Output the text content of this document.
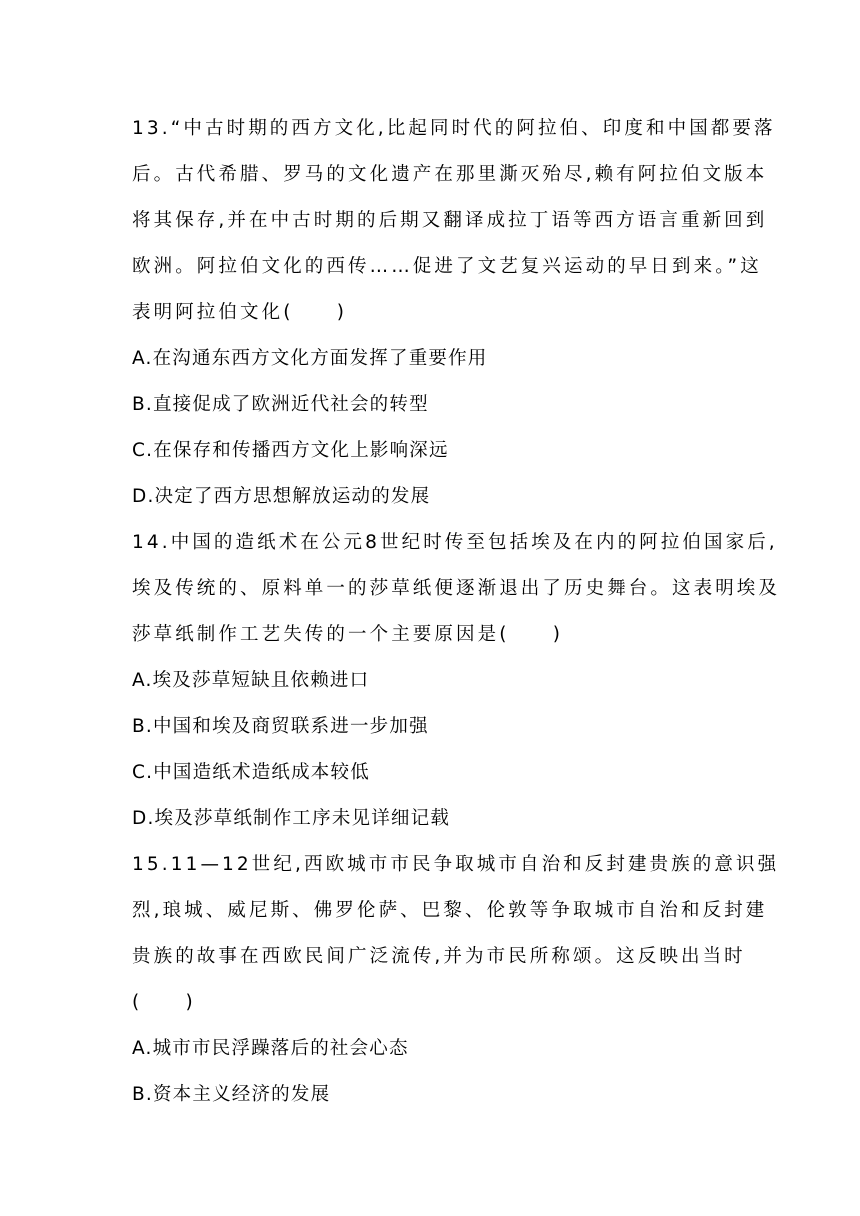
13.“中古时期的西方文化,比起同时代的阿拉伯、印度和中国都要落
后。古代希腊、罗马的文化遗产在那里澌灭殆尽,赖有阿拉伯文版本
将其保存,并在中古时期的后期又翻译成拉丁语等西方语言重新回到
欧洲。阿拉伯文化的西传……促进了文艺复兴运动的早日到来。”这
表明阿拉伯文化(　　)
A.在沟通东西方文化方面发挥了重要作用
B.直接促成了欧洲近代社会的转型
C.在保存和传播西方文化上影响深远
D.决定了西方思想解放运动的发展
14.中国的造纸术在公元8世纪时传至包括埃及在内的阿拉伯国家后,
埃及传统的、原料单一的莎草纸便逐渐退出了历史舞台。这表明埃及
莎草纸制作工艺失传的一个主要原因是(　　)
A.埃及莎草短缺且依赖进口
B.中国和埃及商贸联系进一步加强
C.中国造纸术造纸成本较低
D.埃及莎草纸制作工序未见详细记载
15.11—12世纪,西欧城市市民争取城市自治和反封建贵族的意识强
烈,琅城、威尼斯、佛罗伦萨、巴黎、伦敦等争取城市自治和反封建
贵族的故事在西欧民间广泛流传,并为市民所称颂。这反映出当时
(　　)
A.城市市民浮躁落后的社会心态
B.资本主义经济的发展
